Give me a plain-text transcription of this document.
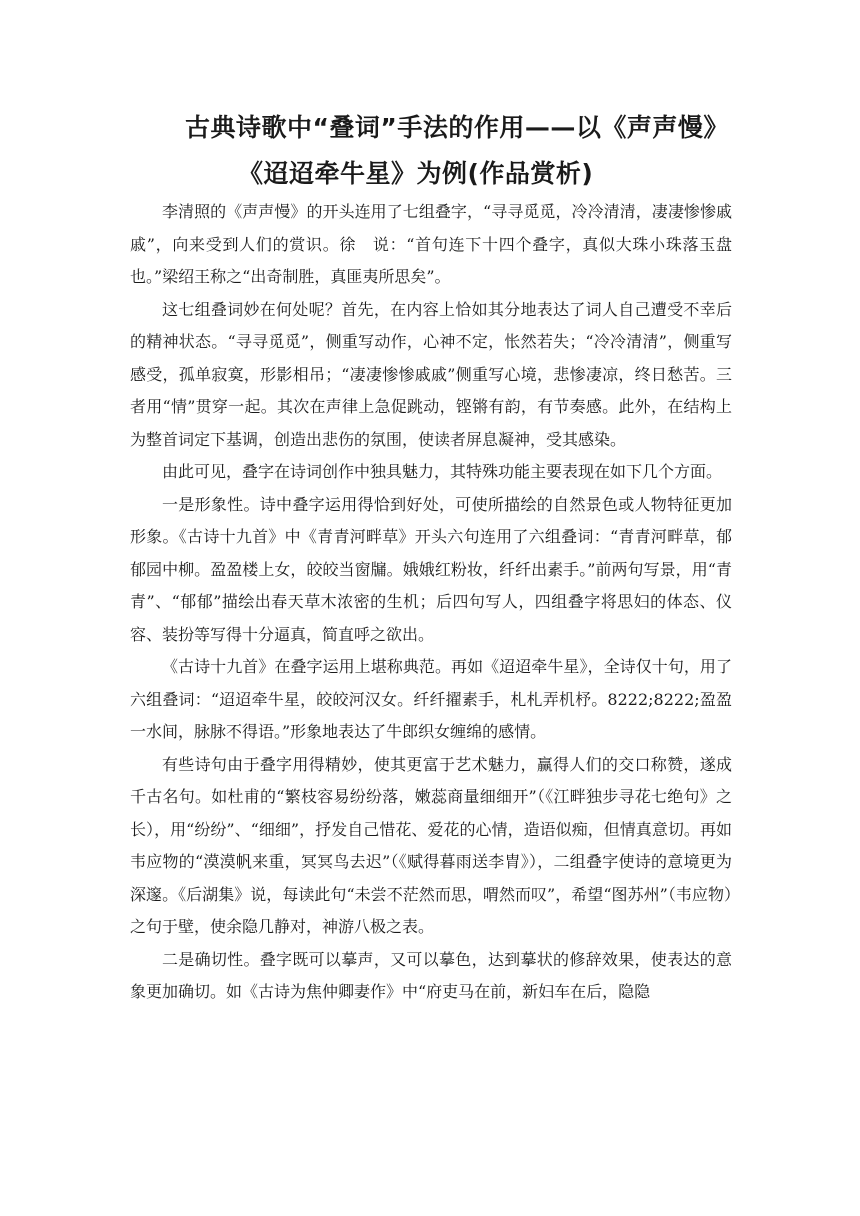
古典诗歌中“叠词”手法的作用——以《声声慢》
《迢迢牵牛星》为例(作品赏析)

李清照的《声声慢》的开头连用了七组叠字，“寻寻觅觅，冷冷清清，凄凄惨惨戚戚”，向来受到人们的赏识。徐　说：“首句连下十四个叠字，真似大珠小珠落玉盘也。”梁绍王称之“出奇制胜，真匪夷所思矣”。

这七组叠词妙在何处呢？首先，在内容上恰如其分地表达了词人自己遭受不幸后的精神状态。“寻寻觅觅”，侧重写动作，心神不定，怅然若失；“冷冷清清”，侧重写感受，孤单寂寞，形影相吊；“凄凄惨惨戚戚”侧重写心境，悲惨凄凉，终日愁苦。三者用“情”贯穿一起。其次在声律上急促跳动，铿锵有韵，有节奏感。此外，在结构上为整首词定下基调，创造出悲伤的氛围，使读者屏息凝神，受其感染。

由此可见，叠字在诗词创作中独具魅力，其特殊功能主要表现在如下几个方面。

一是形象性。诗中叠字运用得恰到好处，可使所描绘的自然景色或人物特征更加形象。《古诗十九首》中《青青河畔草》开头六句连用了六组叠词：“青青河畔草，郁郁园中柳。盈盈楼上女，皎皎当窗牖。娥娥红粉妆，纤纤出素手。”前两句写景，用“青青”、“郁郁”描绘出春天草木浓密的生机；后四句写人，四组叠字将思妇的体态、仪容、装扮等写得十分逼真，简直呼之欲出。

《古诗十九首》在叠字运用上堪称典范。再如《迢迢牵牛星》，全诗仅十句，用了六组叠词：“迢迢牵牛星，皎皎河汉女。纤纤擢素手，札札弄机杼。8222;8222;盈盈一水间，脉脉不得语。”形象地表达了牛郎织女缠绵的感情。

有些诗句由于叠字用得精妙，使其更富于艺术魅力，赢得人们的交口称赞，遂成千古名句。如杜甫的“繁枝容易纷纷落，嫩蕊商量细细开”（《江畔独步寻花七绝句》之长），用“纷纷”、“细细”，抒发自己惜花、爱花的心情，造语似痴，但情真意切。再如韦应物的“漠漠帆来重，冥冥鸟去迟”（《赋得暮雨送李胄》），二组叠字使诗的意境更为深邃。《后湖集》说，每读此句“未尝不茫然而思，喟然而叹”，希望“图苏州”（韦应物）之句于壁，使余隐几静对，神游八极之表。

二是确切性。叠字既可以摹声，又可以摹色，达到摹状的修辞效果，使表达的意象更加确切。如《古诗为焦仲卿妻作》中“府吏马在前，新妇车在后，隐隐
